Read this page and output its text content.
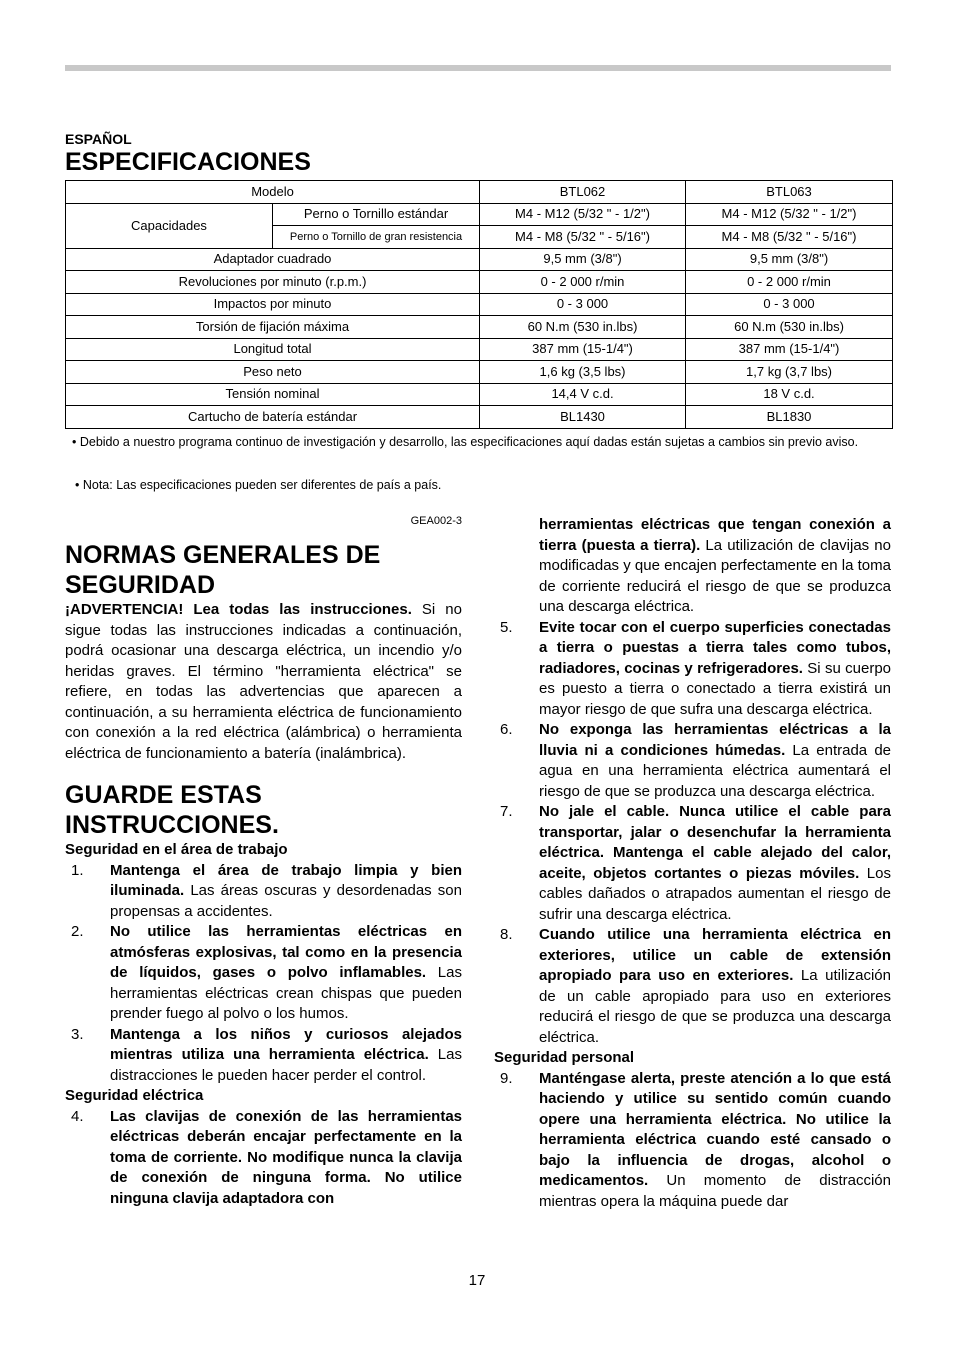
ESPAÑOL
ESPECIFICACIONES
Modelo		BTL062	BTL063
Capacidades	Perno o Tornillo estándar	M4 - M12 (5/32 " - 1/2")	M4 - M12 (5/32 " - 1/2")
	Perno o Tornillo de gran resistencia	M4 - M8 (5/32 " - 5/16")	M4 - M8 (5/32 " - 5/16")
Adaptador cuadrado		9,5 mm (3/8")	9,5 mm (3/8")
Revoluciones por minuto (r.p.m.)		0 - 2 000 r/min	0 - 2 000 r/min
Impactos por minuto		0 - 3 000	0 - 3 000
Torsión de fijación máxima		60 N.m (530 in.lbs)	60 N.m (530 in.lbs)
Longitud total		387 mm (15-1/4")	387 mm (15-1/4")
Peso neto		1,6 kg (3,5 lbs)	1,7 kg (3,7 lbs)
Tensión nominal		14,4 V c.d.	18 V c.d.
Cartucho de batería estándar		BL1430	BL1830
• Debido a nuestro programa continuo de investigación y desarrollo, las especificaciones aquí dadas están sujetas a cambios sin previo aviso.
• Nota: Las especificaciones pueden ser diferentes de país a país.
GEA002-3
NORMAS GENERALES DE SEGURIDAD

¡ADVERTENCIA! Lea todas las instrucciones. Si no sigue todas las instrucciones indicadas a continuación, podrá ocasionar una descarga eléctrica, un incendio y/o heridas graves. El término "herramienta eléctrica" se refiere, en todas las advertencias que aparecen a continuación, a su herramienta eléctrica de funcionamiento con conexión a la red eléctrica (alámbrica) o herramienta eléctrica de funcionamiento a batería (inalámbrica).

GUARDE ESTAS INSTRUCCIONES.

Seguridad en el área de trabajo

1. Mantenga el área de trabajo limpia y bien iluminada. Las áreas oscuras y desordenadas son propensas a accidentes.
2. No utilice las herramientas eléctricas en atmósferas explosivas, tal como en la presencia de líquidos, gases o polvo inflamables. Las herramientas eléctricas crean chispas que pueden prender fuego al polvo o los humos.
3. Mantenga a los niños y curiosos alejados mientras utiliza una herramienta eléctrica. Las distracciones le pueden hacer perder el control.

Seguridad eléctrica

4. Las clavijas de conexión de las herramientas eléctricas deberán encajar perfectamente en la toma de corriente. No modifique nunca la clavija de conexión de ninguna forma. No utilice ninguna clavija adaptadora con
herramientas eléctricas que tengan conexión a tierra (puesta a tierra). La utilización de clavijas no modificadas y que encajen perfectamente en la toma de corriente reducirá el riesgo de que se produzca una descarga eléctrica.
5. Evite tocar con el cuerpo superficies conectadas a tierra o puestas a tierra tales como tubos, radiadores, cocinas y refrigeradores. Si su cuerpo es puesto a tierra o conectado a tierra existirá un mayor riesgo de que sufra una descarga eléctrica.
6. No exponga las herramientas eléctricas a la lluvia ni a condiciones húmedas. La entrada de agua en una herramienta eléctrica aumentará el riesgo de que se produzca una descarga eléctrica.
7. No jale el cable. Nunca utilice el cable para transportar, jalar o desenchufar la herramienta eléctrica. Mantenga el cable alejado del calor, aceite, objetos cortantes o piezas móviles. Los cables dañados o atrapados aumentan el riesgo de sufrir una descarga eléctrica.
8. Cuando utilice una herramienta eléctrica en exteriores, utilice un cable de extensión apropiado para uso en exteriores. La utilización de un cable apropiado para uso en exteriores reducirá el riesgo de que se produzca una descarga eléctrica.

Seguridad personal

9. Manténgase alerta, preste atención a lo que está haciendo y utilice su sentido común cuando opere una herramienta eléctrica. No utilice la herramienta eléctrica cuando esté cansado o bajo la influencia de drogas, alcohol o medicamentos. Un momento de distracción mientras opera la máquina puede dar
17
